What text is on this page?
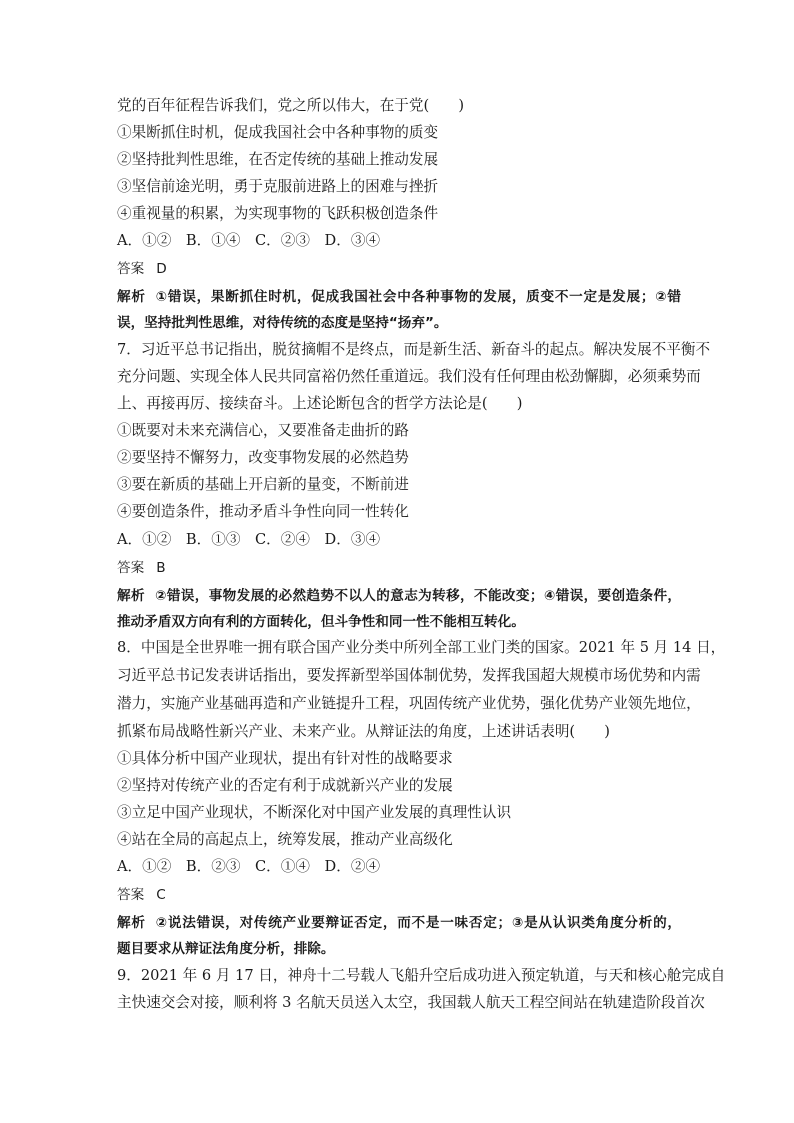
党的百年征程告诉我们，党之所以伟大，在于党(　　)
①果断抓住时机，促成我国社会中各种事物的质变
②坚持批判性思维，在否定传统的基础上推动发展
③坚信前途光明，勇于克服前进路上的困难与挫折
④重视量的积累，为实现事物的飞跃积极创造条件
A．①②　B．①④　C．②③　D．③④
答案 D
解析 ①错误，果断抓住时机，促成我国社会中各种事物的发展，质变不一定是发展；②错
误，坚持批判性思维，对待传统的态度是坚持“扬弃”。
7．习近平总书记指出，脱贫摘帽不是终点，而是新生活、新奋斗的起点。解决发展不平衡不
充分问题、实现全体人民共同富裕仍然任重道远。我们没有任何理由松劲懈脚，必须乘势而
上、再接再厉、接续奋斗。上述论断包含的哲学方法论是(　　)
①既要对未来充满信心，又要准备走曲折的路
②要坚持不懈努力，改变事物发展的必然趋势
③要在新质的基础上开启新的量变，不断前进
④要创造条件，推动矛盾斗争性向同一性转化
A．①②　B．①③　C．②④　D．③④
答案 B
解析 ②错误，事物发展的必然趋势不以人的意志为转移，不能改变；④错误，要创造条件，
推动矛盾双方向有利的方面转化，但斗争性和同一性不能相互转化。
8．中国是全世界唯一拥有联合国产业分类中所列全部工业门类的国家。2021 年 5 月 14 日，
习近平总书记发表讲话指出，要发挥新型举国体制优势，发挥我国超大规模市场优势和内需
潜力，实施产业基础再造和产业链提升工程，巩固传统产业优势，强化优势产业领先地位，
抓紧布局战略性新兴产业、未来产业。从辩证法的角度，上述讲话表明(　　)
①具体分析中国产业现状，提出有针对性的战略要求
②坚持对传统产业的否定有利于成就新兴产业的发展
③立足中国产业现状，不断深化对中国产业发展的真理性认识
④站在全局的高起点上，统筹发展，推动产业高级化
A．①②　B．②③　C．①④　D．②④
答案 C
解析 ②说法错误，对传统产业要辩证否定，而不是一味否定；③是从认识类角度分析的，
题目要求从辩证法角度分析，排除。
9．2021 年 6 月 17 日，神舟十二号载人飞船升空后成功进入预定轨道，与天和核心舱完成自
主快速交会对接，顺利将 3 名航天员送入太空，我国载人航天工程空间站在轨建造阶段首次
